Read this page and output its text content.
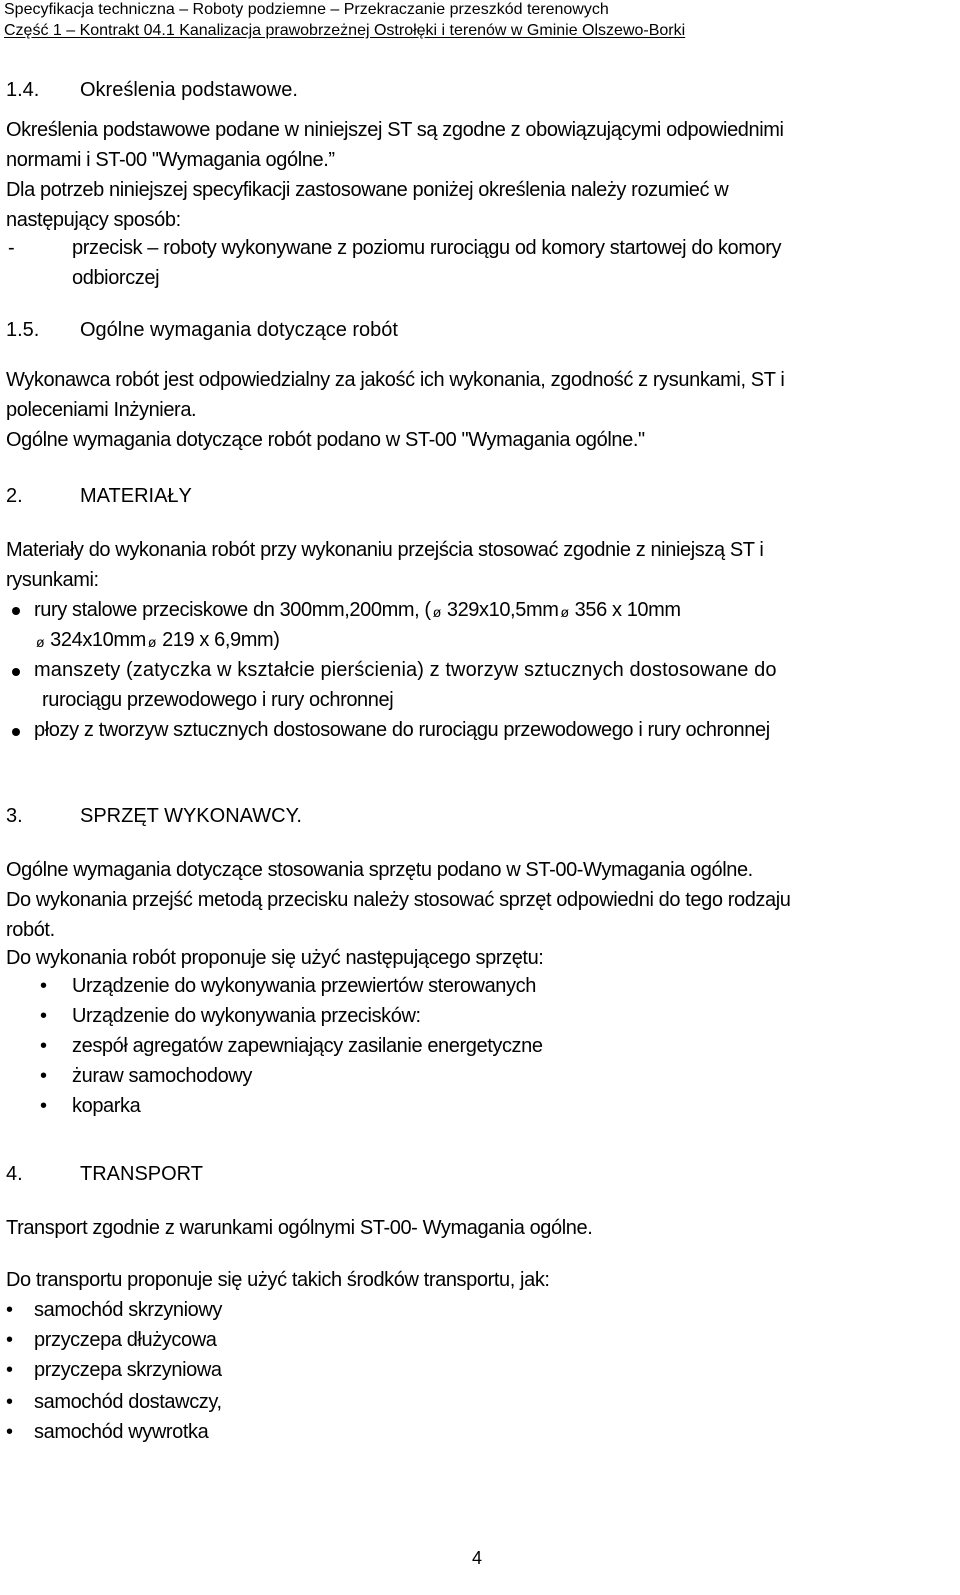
Specyfikacja techniczna – Roboty podziemne – Przekraczanie przeszkód terenowych
Część 1 – Kontrakt 04.1 Kanalizacja prawobrzeżnej Ostrołęki i terenów w Gminie Olszewo-Borki
1.4. Określenia podstawowe.
Określenia podstawowe podane w niniejszej ST są zgodne z obowiązującymi odpowiednimi
normami i ST-00 "Wymagania ogólne.”
Dla potrzeb niniejszej specyfikacji zastosowane poniżej określenia należy rozumieć w
następujący sposób:
-	przecisk – roboty wykonywane z poziomu rurociągu od komory startowej do komory
odbiorczej
1.5. Ogólne wymagania dotyczące robót
Wykonawca robót jest odpowiedzialny za jakość ich wykonania, zgodność z rysunkami, ST i
poleceniami Inżyniera.
Ogólne wymagania dotyczące robót podano w ST-00 "Wymagania ogólne."
2.	MATERIAŁY
Materiały do wykonania robót przy wykonaniu przejścia stosować zgodnie z niniejszą ST i
rysunkami:
rury stalowe przeciskowe dn 300mm,200mm, ( ø 329x10,5mm ø 356 x 10mm
ø 324x10mm ø 219 x 6,9mm)
manszety (zatyczka w kształcie pierścienia) z tworzyw sztucznych dostosowane do
rurociągu przewodowego i rury ochronnej
płozy z tworzyw sztucznych dostosowane do rurociągu przewodowego i rury ochronnej
3.	SPRZĘT WYKONAWCY.
Ogólne wymagania dotyczące stosowania sprzętu podano w ST-00-Wymagania ogólne.
Do wykonania przejść metodą przecisku należy stosować sprzęt odpowiedni do tego rodzaju
robót.
Do wykonania robót proponuje się użyć następującego sprzętu:
• Urządzenie do wykonywania przewiertów sterowanych
• Urządzenie do wykonywania przecisków:
• zespół agregatów zapewniający zasilanie energetyczne
• żuraw samochodowy
• koparka
4.	TRANSPORT
Transport zgodnie z warunkami ogólnymi ST-00- Wymagania ogólne.
Do transportu proponuje się użyć takich środków transportu, jak:
• samochód skrzyniowy
• przyczepa dłużycowa
• przyczepa skrzyniowa
• samochód dostawczy,
• samochód wywrotka
4
